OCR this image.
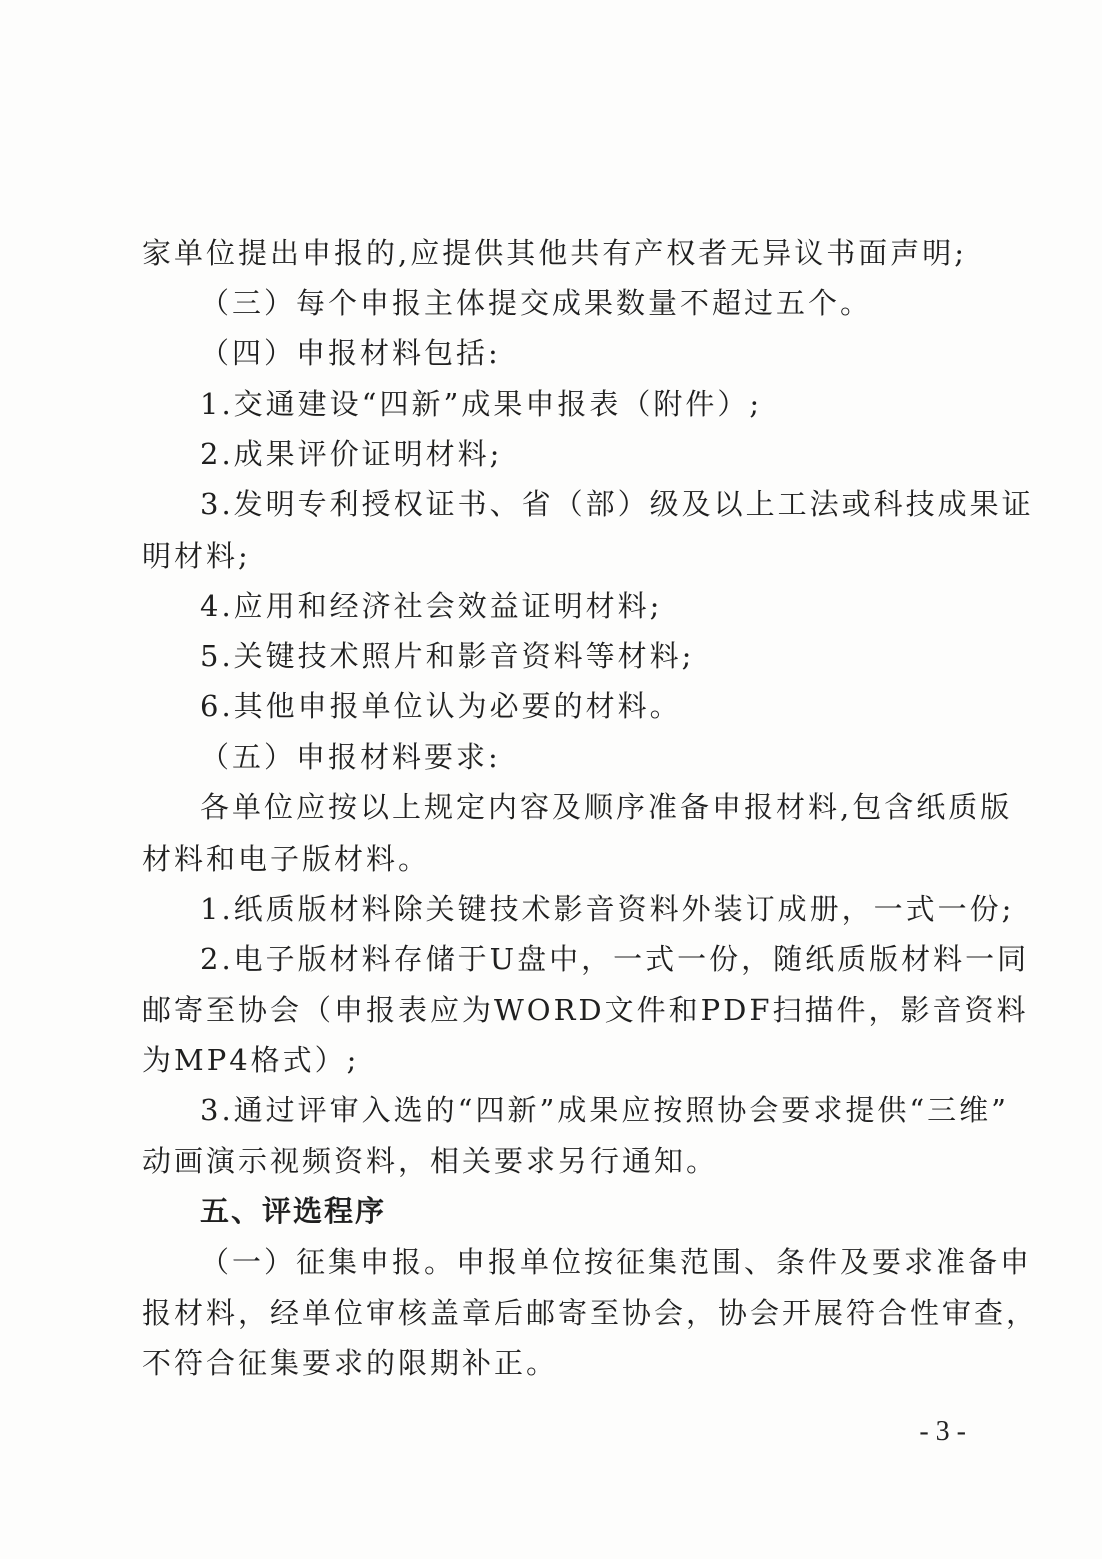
家单位提出申报的,应提供其他共有产权者无异议书面声明;
（三）每个申报主体提交成果数量不超过五个。
（四）申报材料包括:
1.交通建设“四新”成果申报表（附件）;
2.成果评价证明材料;
3.发明专利授权证书、省（部）级及以上工法或科技成果证
明材料;
4.应用和经济社会效益证明材料;
5.关键技术照片和影音资料等材料;
6.其他申报单位认为必要的材料。
（五）申报材料要求:
各单位应按以上规定内容及顺序准备申报材料,包含纸质版
材料和电子版材料。
1.纸质版材料除关键技术影音资料外装订成册，一式一份;
2.电子版材料存储于U盘中，一式一份，随纸质版材料一同
邮寄至协会（申报表应为WORD文件和PDF扫描件，影音资料
为MP4格式）;
3.通过评审入选的“四新”成果应按照协会要求提供“三维”
动画演示视频资料，相关要求另行通知。
五、评选程序
（一）征集申报。申报单位按征集范围、条件及要求准备申
报材料，经单位审核盖章后邮寄至协会，协会开展符合性审查，
不符合征集要求的限期补正。
- 3 -
